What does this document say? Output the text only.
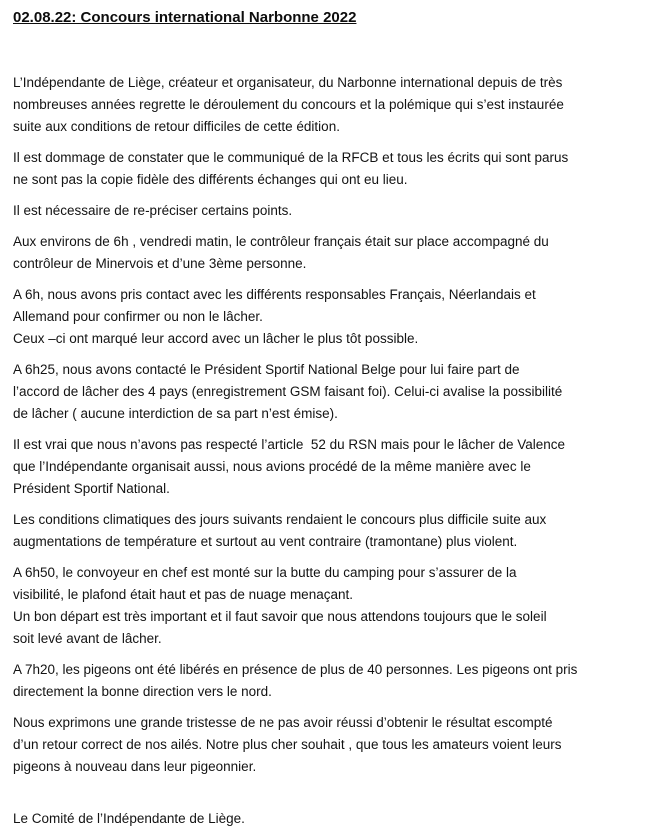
02.08.22: Concours international Narbonne 2022
L’Indépendante de Liège, créateur et organisateur, du Narbonne international depuis de très
nombreuses années regrette le déroulement du concours et la polémique qui s’est instaurée
suite aux conditions de retour difficiles de cette édition.
Il est dommage de constater que le communiqué de la RFCB et tous les écrits qui sont parus
ne sont pas la copie fidèle des différents échanges qui ont eu lieu.
Il est nécessaire de re-préciser certains points.
Aux environs de 6h , vendredi matin, le contrôleur français était sur place accompagné du
contrôleur de Minervois et d’une 3ème personne.
A 6h, nous avons pris contact avec les différents responsables Français, Néerlandais et
Allemand pour confirmer ou non le lâcher.
Ceux –ci ont marqué leur accord avec un lâcher le plus tôt possible.
A 6h25, nous avons contacté le Président Sportif National Belge pour lui faire part de
l’accord de lâcher des 4 pays (enregistrement GSM faisant foi). Celui-ci avalise la possibilité
de lâcher ( aucune interdiction de sa part n’est émise).
Il est vrai que nous n’avons pas respecté l’article  52 du RSN mais pour le lâcher de Valence
que l’Indépendante organisait aussi, nous avions procédé de la même manière avec le
Président Sportif National.
Les conditions climatiques des jours suivants rendaient le concours plus difficile suite aux
augmentations de température et surtout au vent contraire (tramontane) plus violent.
A 6h50, le convoyeur en chef est monté sur la butte du camping pour s’assurer de la
visibilité, le plafond était haut et pas de nuage menaçant.
Un bon départ est très important et il faut savoir que nous attendons toujours que le soleil
soit levé avant de lâcher.
A 7h20, les pigeons ont été libérés en présence de plus de 40 personnes. Les pigeons ont pris
directement la bonne direction vers le nord.
Nous exprimons une grande tristesse de ne pas avoir réussi d’obtenir le résultat escompté
d’un retour correct de nos ailés. Notre plus cher souhait , que tous les amateurs voient leurs
pigeons à nouveau dans leur pigeonnier.
Le Comité de l’Indépendante de Liège.
